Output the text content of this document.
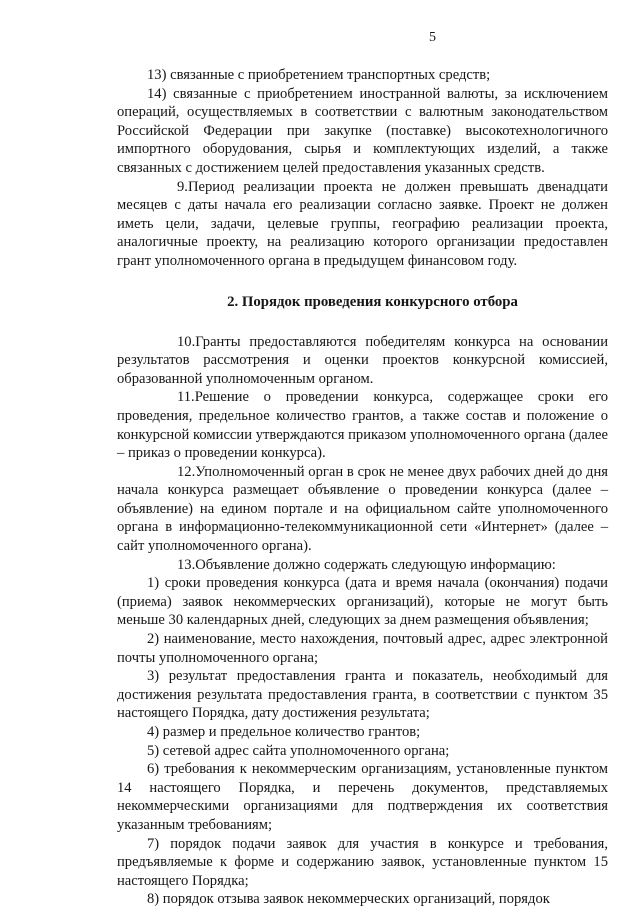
5

13) связанные с приобретением транспортных средств;

14) связанные с приобретением иностранной валюты, за исключением операций, осуществляемых в соответствии с валютным законодательством Российской Федерации при закупке (поставке) высокотехнологичного импортного оборудования, сырья и комплектующих изделий, а также связанных с достижением целей предоставления указанных средств.

9.Период реализации проекта не должен превышать двенадцати месяцев с даты начала его реализации согласно заявке. Проект не должен иметь цели, задачи, целевые группы, географию реализации проекта, аналогичные проекту, на реализацию которого организации предоставлен грант уполномоченного органа в предыдущем финансовом году.

2. Порядок проведения конкурсного отбора

10.Гранты предоставляются победителям конкурса на основании результатов рассмотрения и оценки проектов конкурсной комиссией, образованной уполномоченным органом.

11.Решение о проведении конкурса, содержащее сроки его проведения, предельное количество грантов, а также состав и положение о конкурсной комиссии утверждаются приказом уполномоченного органа (далее – приказ о проведении конкурса).

12.Уполномоченный орган в срок не менее двух рабочих дней до дня начала конкурса размещает объявление о проведении конкурса (далее – объявление) на едином портале и на официальном сайте уполномоченного органа в информационно-телекоммуникационной сети «Интернет» (далее – сайт уполномоченного органа).

13.Объявление должно содержать следующую информацию:

1) сроки проведения конкурса (дата и время начала (окончания) подачи (приема) заявок некоммерческих организаций), которые не могут быть меньше 30 календарных дней, следующих за днем размещения объявления;

2) наименование, место нахождения, почтовый адрес, адрес электронной почты уполномоченного органа;

3) результат предоставления гранта и показатель, необходимый для достижения результата предоставления гранта, в соответствии с пунктом 35 настоящего Порядка, дату достижения результата;

4) размер и предельное количество грантов;

5) сетевой адрес сайта уполномоченного органа;

6) требования к некоммерческим организациям, установленные пунктом 14 настоящего Порядка, и перечень документов, представляемых некоммерческими организациями для подтверждения их соответствия указанным требованиям;

7) порядок подачи заявок для участия в конкурсе и требования, предъявляемые к форме и содержанию заявок, установленные пунктом 15 настоящего Порядка;

8) порядок отзыва заявок некоммерческих организаций, порядок
